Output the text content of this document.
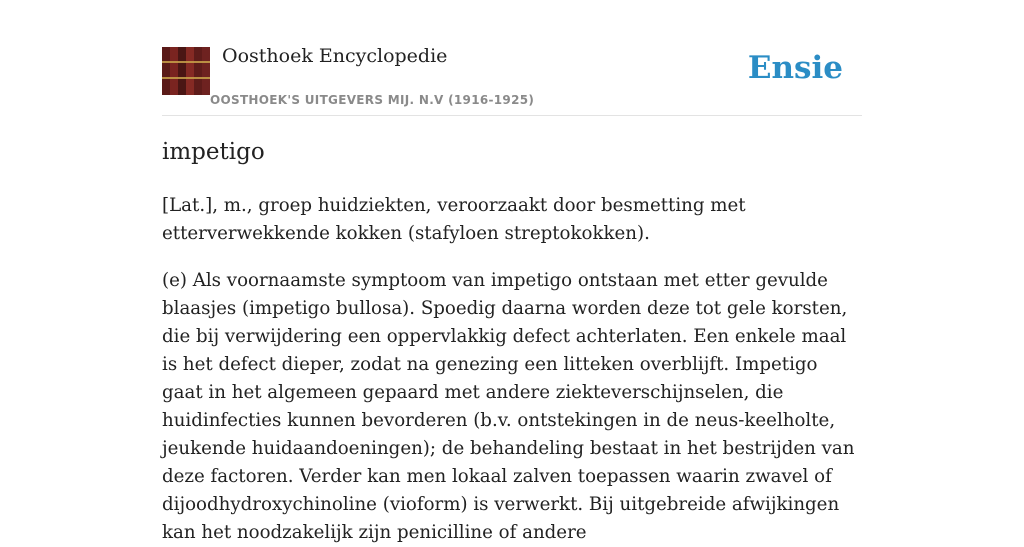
Oosthoek Encyclopedie
OOSTHOEK'S UITGEVERS MIJ. N.V (1916-1925)
Ensie
impetigo

[Lat.], m., groep huidziekten, veroorzaakt door besmetting met etterverwekkende kokken (stafyloen streptokokken).

(e) Als voornaamste symptoom van impetigo ontstaan met etter gevulde blaasjes (impetigo bullosa). Spoedig daarna worden deze tot gele korsten, die bij verwijdering een oppervlakkig defect achterlaten. Een enkele maal is het defect dieper, zodat na genezing een litteken overblijft. Impetigo gaat in het algemeen gepaard met andere ziekteverschijnselen, die huidinfecties kunnen bevorderen (b.v. ontstekingen in de neus-keelholte, jeukende huidaandoeningen); de behandeling bestaat in het bestrijden van deze factoren. Verder kan men lokaal zalven toepassen waarin zwavel of dijoodhydroxychinoline (vioform) is verwerkt. Bij uitgebreide afwijkingen kan het noodzakelijk zijn penicilline of andere
